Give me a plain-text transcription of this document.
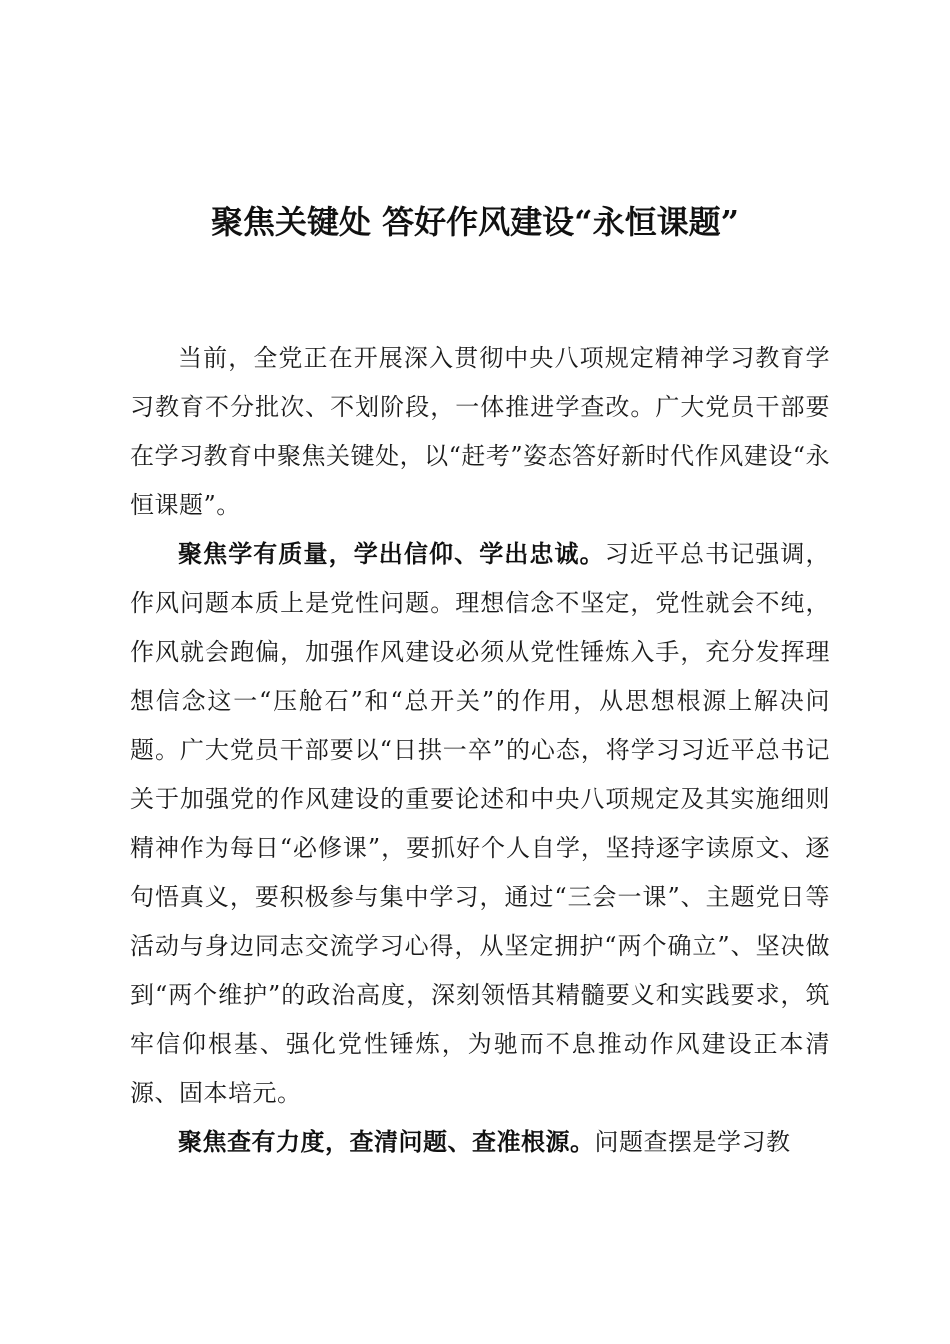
聚焦关键处 答好作风建设“永恒课题”

当前，全党正在开展深入贯彻中央八项规定精神学习教育学习教育不分批次、不划阶段，一体推进学查改。广大党员干部要在学习教育中聚焦关键处，以“赶考”姿态答好新时代作风建设“永恒课题”。

聚焦学有质量，学出信仰、学出忠诚。习近平总书记强调，作风问题本质上是党性问题。理想信念不坚定，党性就会不纯，作风就会跑偏，加强作风建设必须从党性锤炼入手，充分发挥理想信念这一“压舱石”和“总开关”的作用，从思想根源上解决问题。广大党员干部要以“日拱一卒”的心态，将学习习近平总书记关于加强党的作风建设的重要论述和中央八项规定及其实施细则精神作为每日“必修课”，要抓好个人自学，坚持逐字读原文、逐句悟真义，要积极参与集中学习，通过“三会一课”、主题党日等活动与身边同志交流学习心得，从坚定拥护“两个确立”、坚决做到“两个维护”的政治高度，深刻领悟其精髓要义和实践要求，筑牢信仰根基、强化党性锤炼，为驰而不息推动作风建设正本清源、固本培元。

聚焦查有力度，查清问题、查准根源。问题查摆是学习教
